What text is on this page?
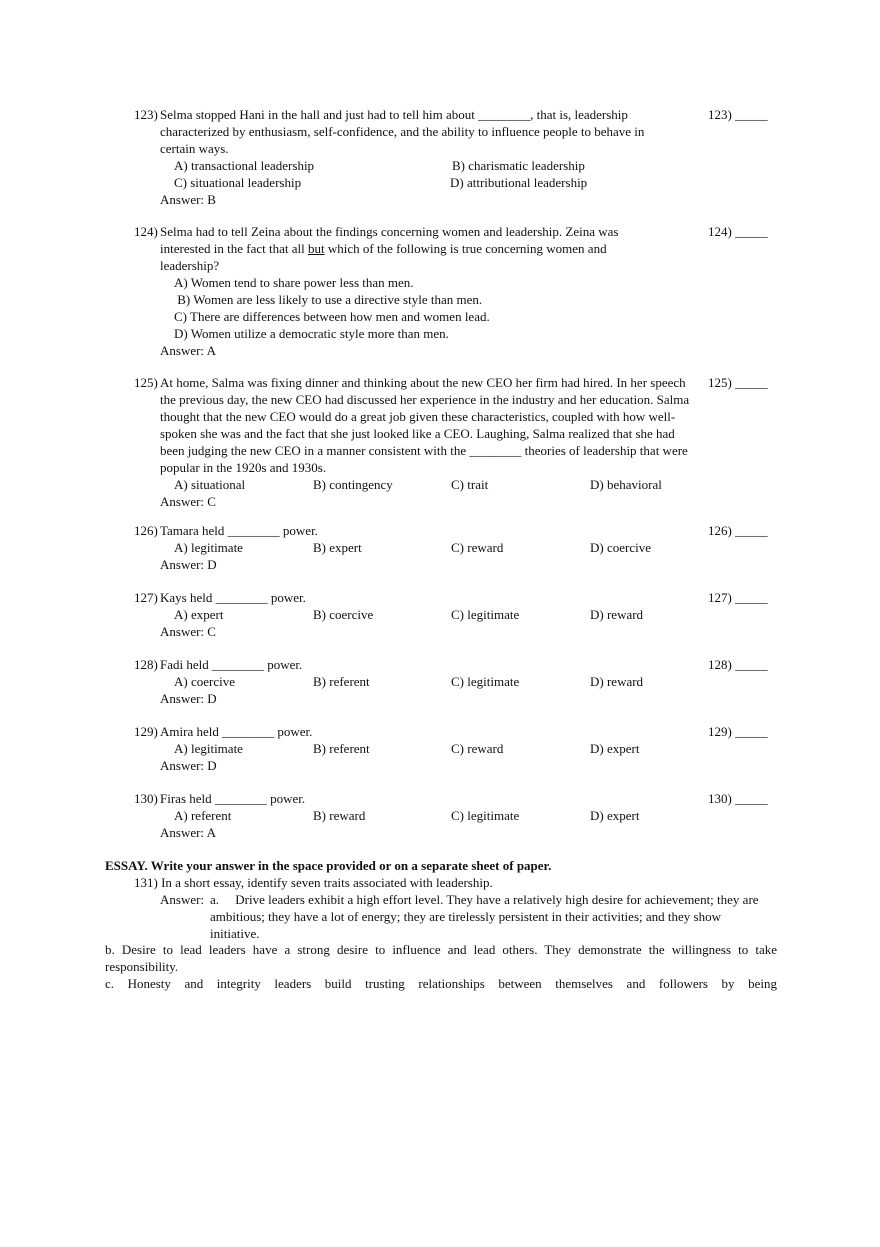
123)	123) _____
Selma stopped Hani in the hall and just had to tell him about ________, that is, leadership
characterized by enthusiasm, self-confidence, and the ability to influence people to behave in
certain ways.
A) transactional leadership	B) charismatic leadership
C) situational leadership	D) attributional leadership
Answer: B
124)	124) _____
Selma had to tell Zeina about the findings concerning women and leadership. Zeina was interested in the fact that all but which of the following is true concerning women and leadership?
A) Women tend to share power less than men.
B) Women are less likely to use a directive style than men.
C) There are differences between how men and women lead.
D) Women utilize a democratic style more than men.
Answer: A
125)	125) _____
At home, Salma was fixing dinner and thinking about the new CEO her firm had hired. In her speech the previous day, the new CEO had discussed her experience in the industry and her education. Salma thought that the new CEO would do a great job given these characteristics, coupled with how well-spoken she was and the fact that she just looked like a CEO. Laughing, Salma realized that she had been judging the new CEO in a manner consistent with the ________ theories of leadership that were popular in the 1920s and 1930s.
A) situational	B) contingency	C) trait	D) behavioral
Answer: C
126)	126) _____
Tamara held ________ power.
A) legitimate	B) expert	C) reward	D) coercive
Answer: D
127)	127) _____
Kays held ________ power.
A) expert	B) coercive	C) legitimate	D) reward
Answer: C
128)	128) _____
Fadi held ________ power.
A) coercive	B) referent	C) legitimate	D) reward
Answer: D
129)	129) _____
Amira held ________ power.
A) legitimate	B) referent	C) reward	D) expert
Answer: D
130)	130) _____
Firas held ________ power.
A) referent	B) reward	C) legitimate	D) expert
Answer: A
ESSAY. Write your answer in the space provided or on a separate sheet of paper.
131) In a short essay, identify seven traits associated with leadership.
Answer: a.     Drive leaders exhibit a high effort level. They have a relatively high desire for achievement; they are ambitious; they have a lot of energy; they are tirelessly persistent in their activities; and they show initiative.
b. Desire to lead leaders have a strong desire to influence and lead others. They demonstrate the willingness to take responsibility.
c. Honesty and integrity leaders build trusting relationships between themselves and followers by being
